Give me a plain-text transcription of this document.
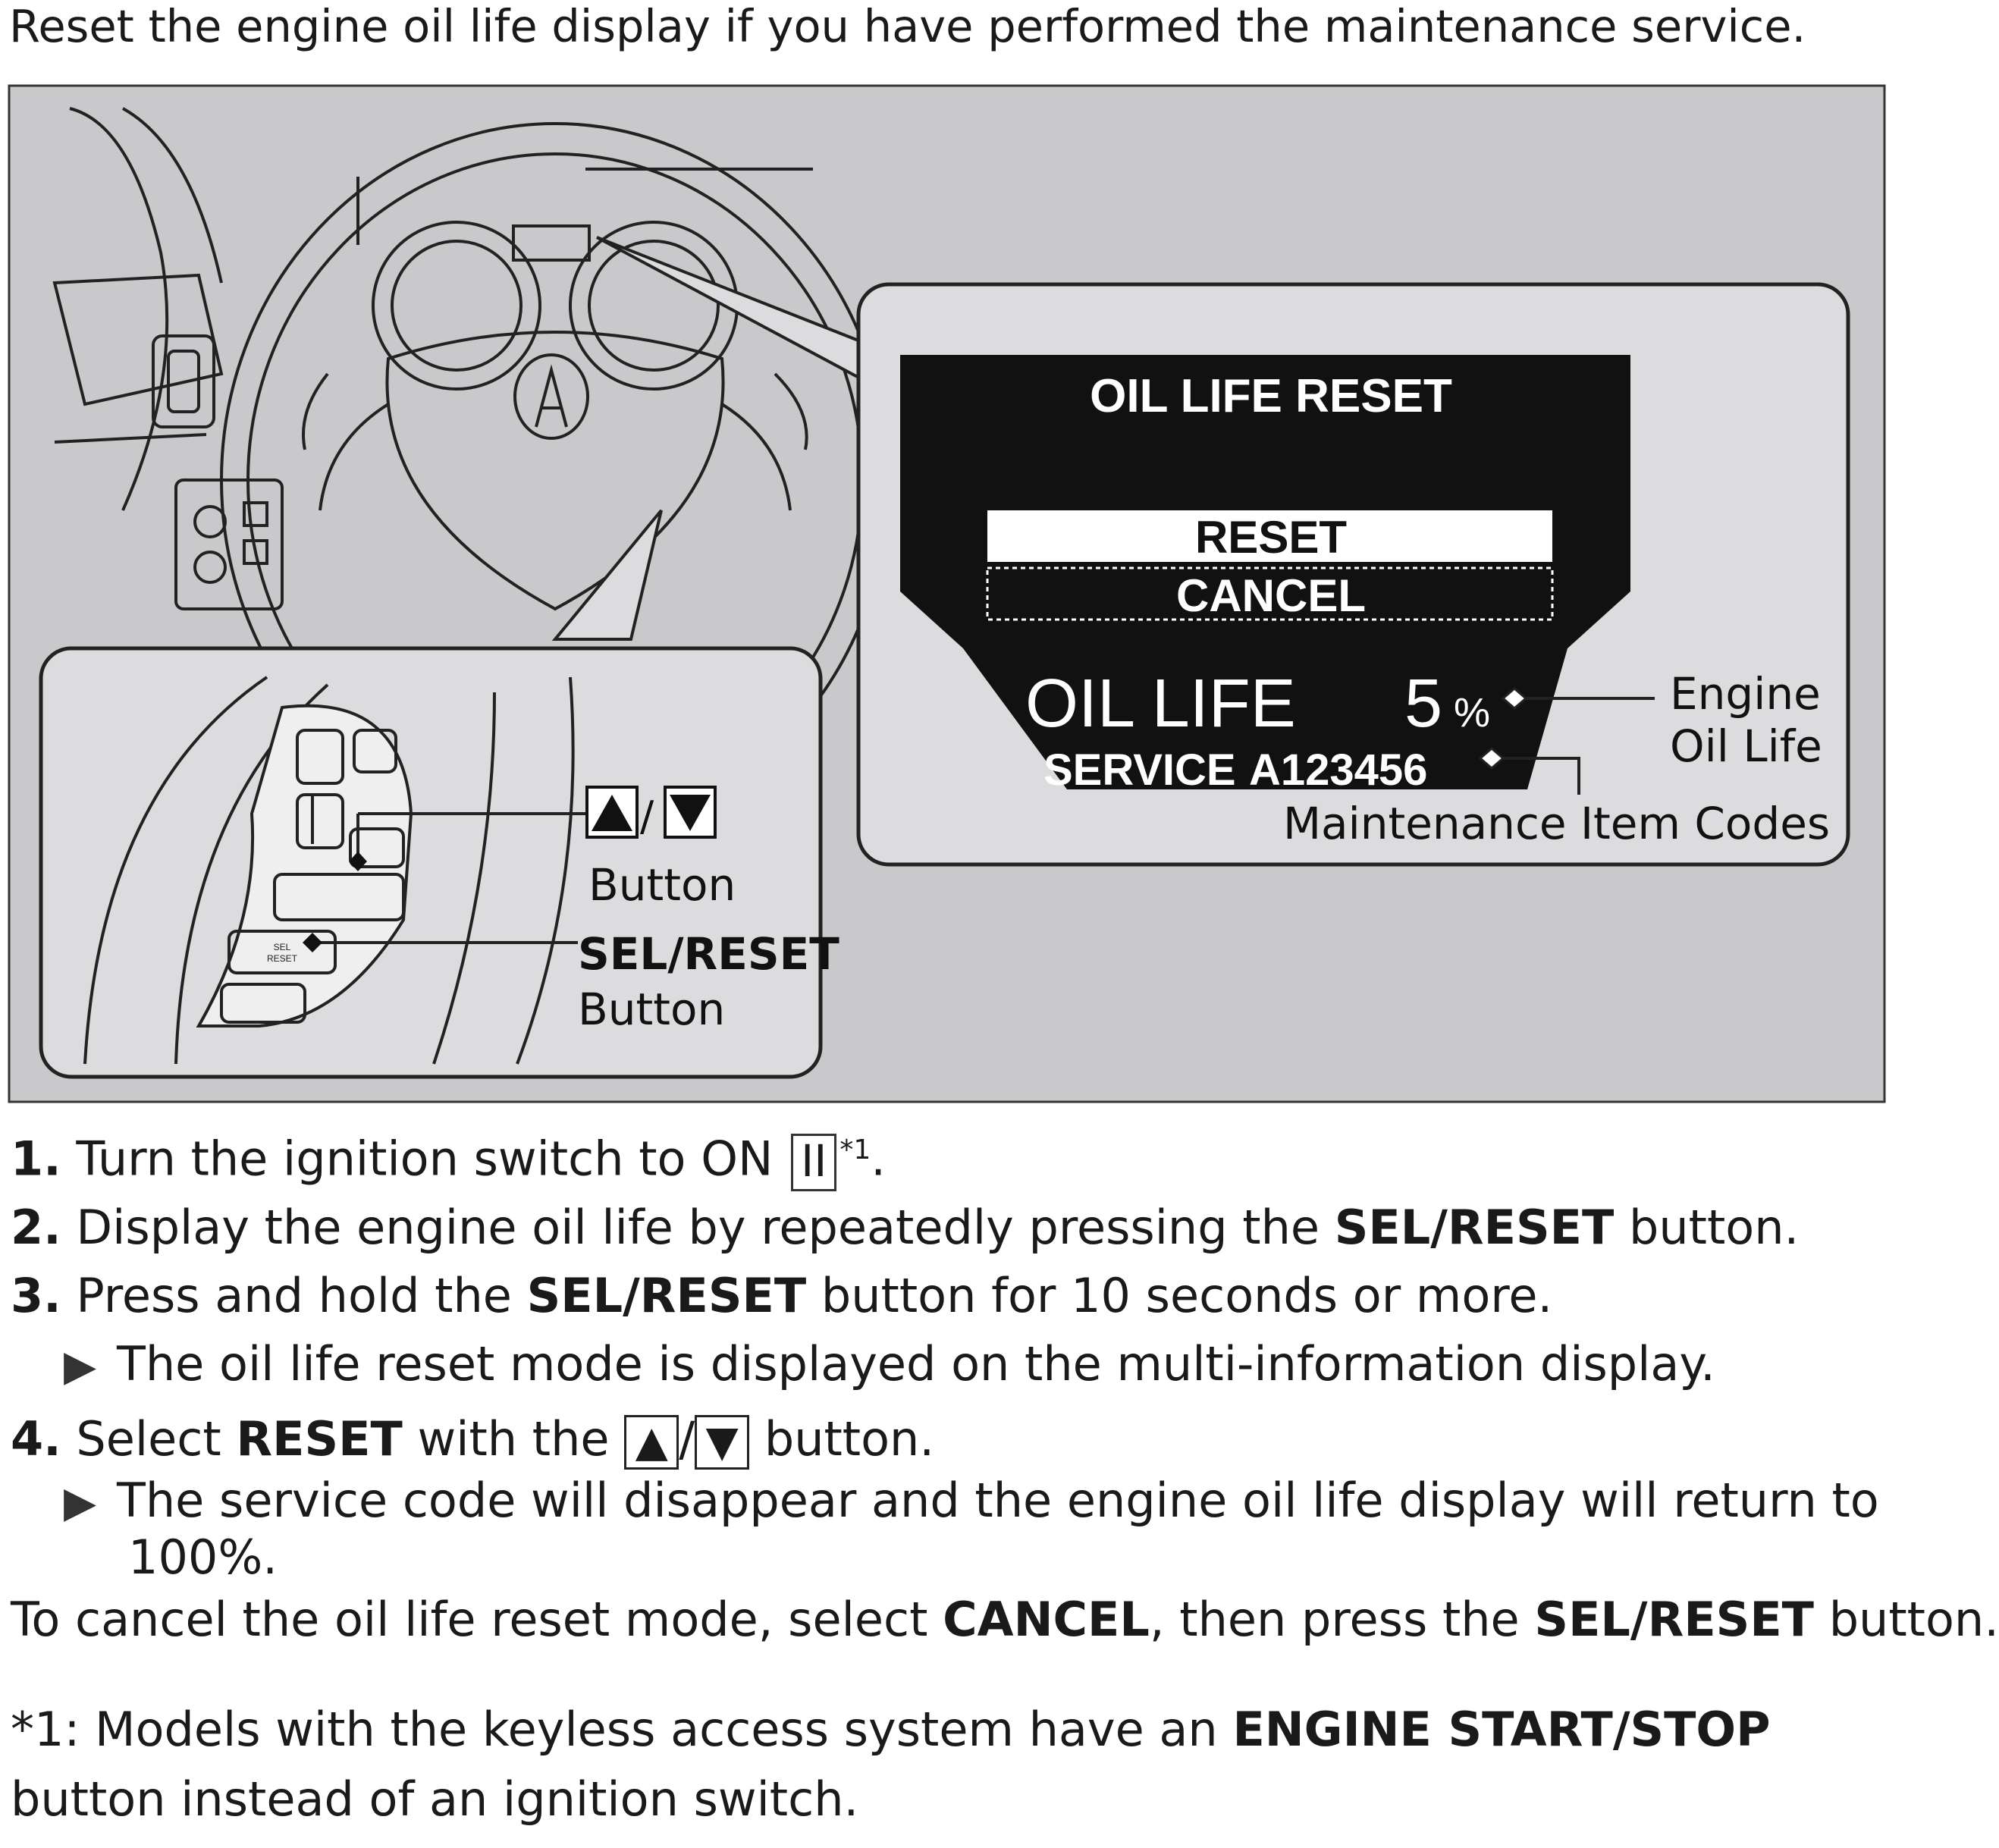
Reset the engine oil life display if you have performed the maintenance service.
OIL LIFE RESET
RESET
CANCEL
OIL LIFE 5 %
SERVICE A123456
Engine
Oil Life
Maintenance Item Codes
SEL
RESET
/
Button
SEL/RESET
Button
1. Turn the ignition switch to ON II $^{*1}$.
2. Display the engine oil life by repeatedly pressing the SEL/RESET button.
3. Press and hold the SEL/RESET button for 10 seconds or more.
▶ The oil life reset mode is displayed on the multi-information display.
4. Select RESET with the ▲ / ▼ button.
▶ The service code will disappear and the engine oil life display will return to 100%.
To cancel the oil life reset mode, select CANCEL, then press the SEL/RESET button.
*1: Models with the keyless access system have an ENGINE START/STOP button instead of an ignition switch.
